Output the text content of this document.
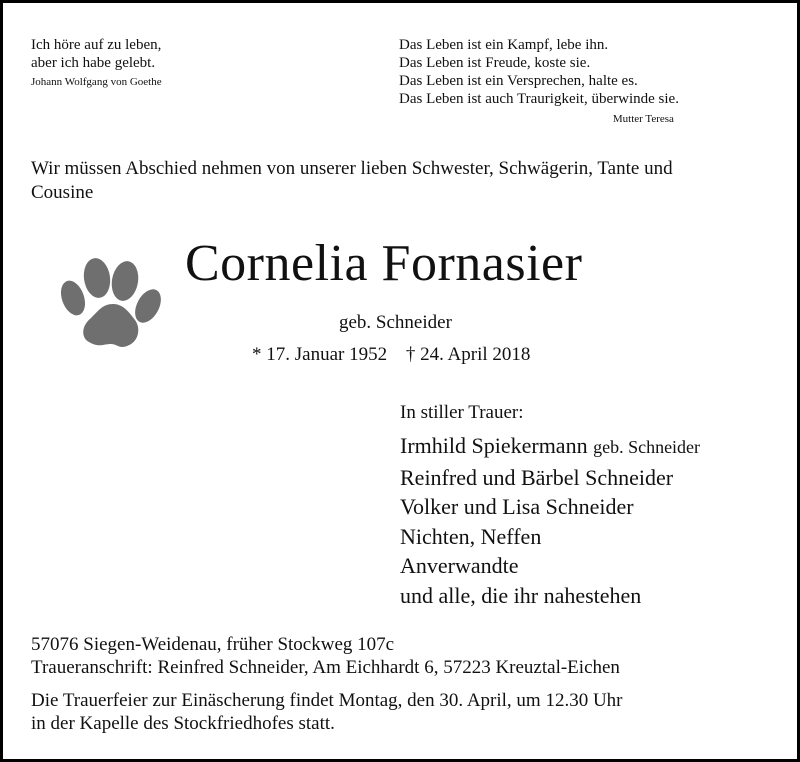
Ich höre auf zu leben,
aber ich habe gelebt.
Johann Wolfgang von Goethe
Das Leben ist ein Kampf, lebe ihn.
Das Leben ist Freude, koste sie.
Das Leben ist ein Versprechen, halte es.
Das Leben ist auch Traurigkeit, überwinde sie.
Mutter Teresa
Wir müssen Abschied nehmen von unserer lieben Schwester, Schwägerin, Tante und
Cousine
Cornelia Fornasier
geb. Schneider
* 17. Januar 1952 † 24. April 2018
In stiller Trauer:
Irmhild Spiekermann geb. Schneider
Reinfred und Bärbel Schneider
Volker und Lisa Schneider
Nichten, Neffen
Anverwandte
und alle, die ihr nahestehen
57076 Siegen-Weidenau, früher Stockweg 107c
Traueranschrift: Reinfred Schneider, Am Eichhardt 6, 57223 Kreuztal-Eichen
Die Trauerfeier zur Einäscherung findet Montag, den 30. April, um 12.30 Uhr
in der Kapelle des Stockfriedhofes statt.
